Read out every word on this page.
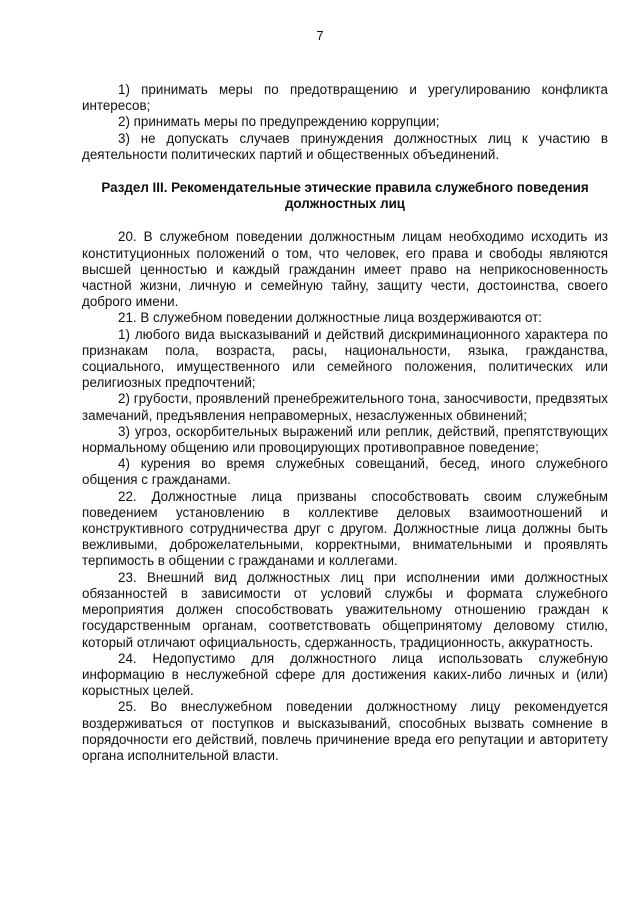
7

1) принимать меры по предотвращению и урегулированию конфликта интересов;

2) принимать меры по предупреждению коррупции;

3) не допускать случаев принуждения должностных лиц к участию в деятельности политических партий и общественных объединений.

Раздел III. Рекомендательные этические правила служебного поведения должностных лиц

20. В служебном поведении должностным лицам необходимо исходить из конституционных положений о том, что человек, его права и свободы являются высшей ценностью и каждый гражданин имеет право на неприкосновенность частной жизни, личную и семейную тайну, защиту чести, достоинства, своего доброго имени.

21. В служебном поведении должностные лица воздерживаются от:

1) любого вида высказываний и действий дискриминационного характера по признакам пола, возраста, расы, национальности, языка, гражданства, социального, имущественного или семейного положения, политических или религиозных предпочтений;

2) грубости, проявлений пренебрежительного тона, заносчивости, предвзятых замечаний, предъявления неправомерных, незаслуженных обвинений;

3) угроз, оскорбительных выражений или реплик, действий, препятствующих нормальному общению или провоцирующих противоправное поведение;

4) курения во время служебных совещаний, бесед, иного служебного общения с гражданами.

22. Должностные лица призваны способствовать своим служебным поведением установлению в коллективе деловых взаимоотношений и конструктивного сотрудничества друг с другом. Должностные лица должны быть вежливыми, доброжелательными, корректными, внимательными и проявлять терпимость в общении с гражданами и коллегами.

23. Внешний вид должностных лиц при исполнении ими должностных обязанностей в зависимости от условий службы и формата служебного мероприятия должен способствовать уважительному отношению граждан к государственным органам, соответствовать общепринятому деловому стилю, который отличают официальность, сдержанность, традиционность, аккуратность.

24. Недопустимо для должностного лица использовать служебную информацию в неслужебной сфере для достижения каких-либо личных и (или) корыстных целей.

25. Во внеслужебном поведении должностному лицу рекомендуется воздерживаться от поступков и высказываний, способных вызвать сомнение в порядочности его действий, повлечь причинение вреда его репутации и авторитету органа исполнительной власти.
